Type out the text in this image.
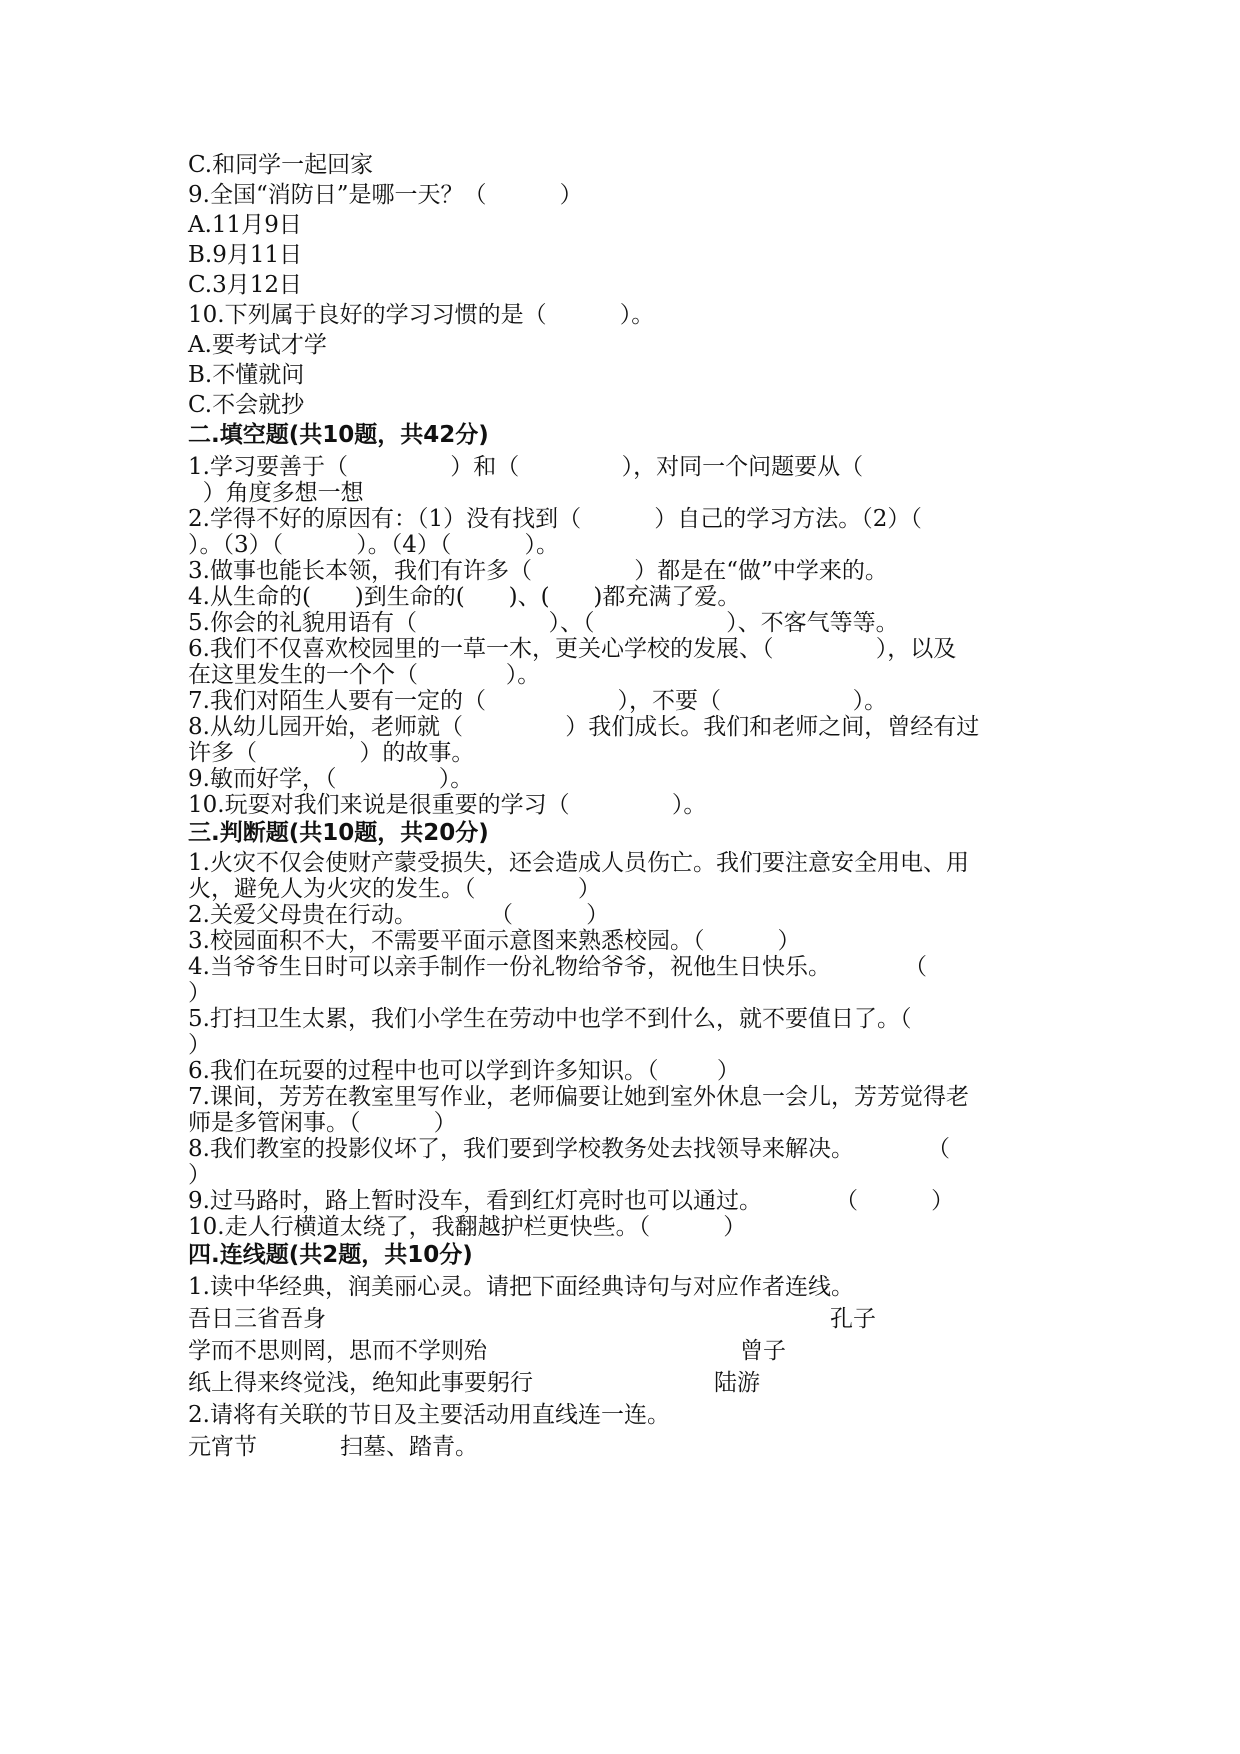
C.和同学一起回家
9.全国“消防日”是哪一天？（          ）
A.11月9日
B.9月11日
C.3月12日
10.下列属于良好的学习习惯的是（          ）。
A.要考试才学
B.不懂就问
C.不会就抄
二.填空题(共10题，共42分)
1.学习要善于（              ）和（              ），对同一个问题要从（
）角度多想一想
2.学得不好的原因有：（1）没有找到（          ）自己的学习方法。（2）（
）。（3）（          ）。（4）（          ）。
3.做事也能长本领，我们有许多（              ）都是在“做”中学来的。
4.从生命的(      )到生命的(      )、(      )都充满了爱。
5.你会的礼貌用语有（                  ）、（                  ）、不客气等等。
6.我们不仅喜欢校园里的一草一木，更关心学校的发展、（              ），以及
在这里发生的一个个（            ）。
7.我们对陌生人要有一定的（                  ），不要（                  ）。
8.从幼儿园开始，老师就（              ）我们成长。我们和老师之间，曾经有过
许多（              ）的故事。
9.敏而好学，（              ）。
10.玩耍对我们来说是很重要的学习（              ）。
三.判断题(共10题，共20分)
1.火灾不仅会使财产蒙受损失，还会造成人员伤亡。我们要注意安全用电、用
火，避免人为火灾的发生。（              ）
2.关爱父母贵在行动。          （          ）
3.校园面积不大，不需要平面示意图来熟悉校园。（          ）
4.当爷爷生日时可以亲手制作一份礼物给爷爷，祝他生日快乐。          （
）
5.打扫卫生太累，我们小学生在劳动中也学不到什么，就不要值日了。（
）
6.我们在玩耍的过程中也可以学到许多知识。（        ）
7.课间，芳芳在教室里写作业，老师偏要让她到室外休息一会儿，芳芳觉得老
师是多管闲事。（          ）
8.我们教室的投影仪坏了，我们要到学校教务处去找领导来解决。          （
）
9.过马路时，路上暂时没车，看到红灯亮时也可以通过。          （          ）
10.走人行横道太绕了，我翻越护栏更快些。（          ）
四.连线题(共2题，共10分)
1.读中华经典，润美丽心灵。请把下面经典诗句与对应作者连线。
吾日三省吾身	孔子
学而不思则罔，思而不学则殆	曾子
纸上得来终觉浅，绝知此事要躬行	陆游
2.请将有关联的节日及主要活动用直线连一连。
元宵节	扫墓、踏青。
